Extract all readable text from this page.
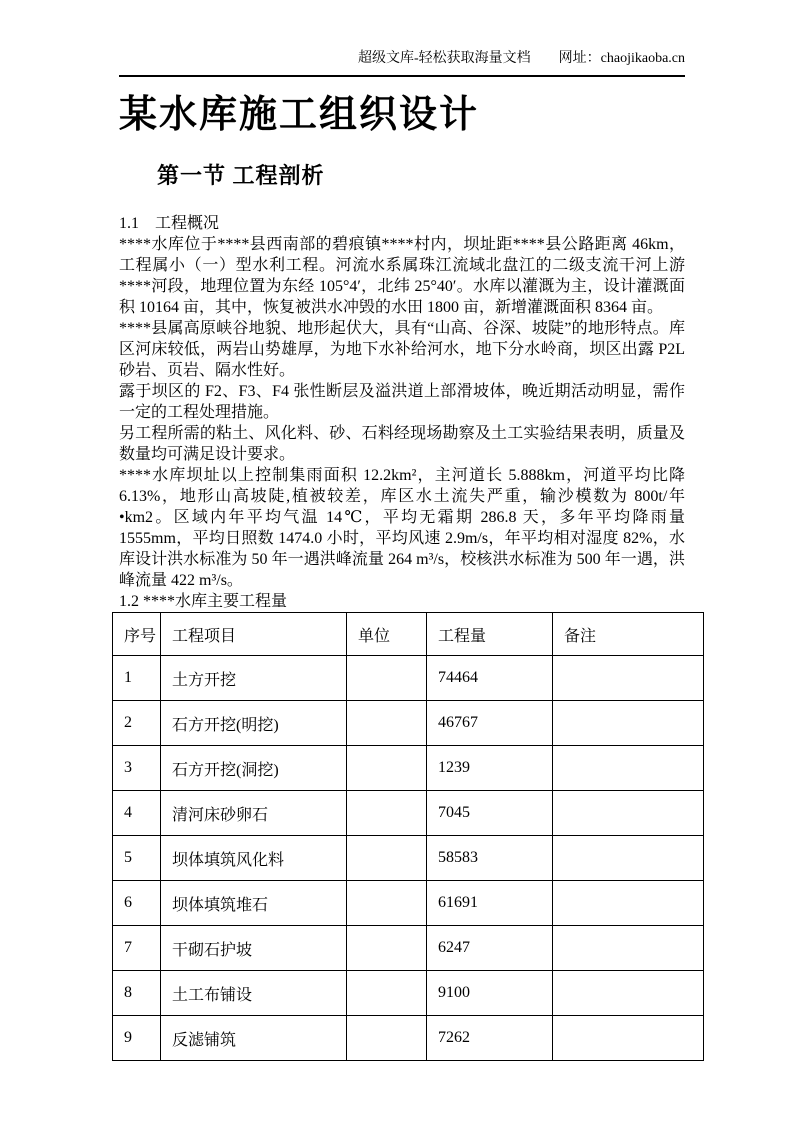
超级文库-轻松获取海量文档　　网址：chaojikaoba.cn
某水库施工组织设计
第一节 工程剖析
1.1　工程概况

****水库位于****县西南部的碧痕镇****村内，坝址距****县公路距离 46km，工程属小（一）型水利工程。河流水系属珠江流域北盘江的二级支流干河上游****河段，地理位置为东经 105°4′，北纬 25°40′。水库以灌溉为主，设计灌溉面积 10164 亩，其中，恢复被洪水冲毁的水田 1800 亩，新增灌溉面积 8364 亩。

****县属高原峡谷地貌、地形起伏大，具有“山高、谷深、坡陡”的地形特点。库区河床较低，两岩山势雄厚，为地下水补给河水，地下分水岭商，坝区出露 P2L 砂岩、页岩、隔水性好。

露于坝区的 F2、F3、F4 张性断层及溢洪道上部滑坡体，晚近期活动明显，需作一定的工程处理措施。

另工程所需的粘土、风化料、砂、石料经现场勘察及土工实验结果表明，质量及数量均可满足设计要求。

****水库坝址以上控制集雨面积 12.2km²，主河道长 5.888km，河道平均比降 6.13%，地形山高坡陡,植被较差，库区水土流失严重，输沙模数为 800t/年 •km2。区域内年平均气温 14℃，平均无霜期 286.8 天，多年平均降雨量 1555mm，平均日照数 1474.0 小时，平均风速 2.9m/s，年平均相对湿度 82%，水库设计洪水标准为 50 年一遇洪峰流量 264 m³/s，校核洪水标准为 500 年一遇，洪峰流量 422 m³/s。

1.2 ****水库主要工程量

序号	工程项目	单位	工程量	备注
1	土方开挖		74464	
2	石方开挖(明挖)		46767	
3	石方开挖(洞挖)		1239	
4	清河床砂卵石		7045	
5	坝体填筑风化料		58583	
6	坝体填筑堆石		61691	
7	干砌石护坡		6247	
8	土工布铺设		9100	
9	反滤铺筑		7262	
